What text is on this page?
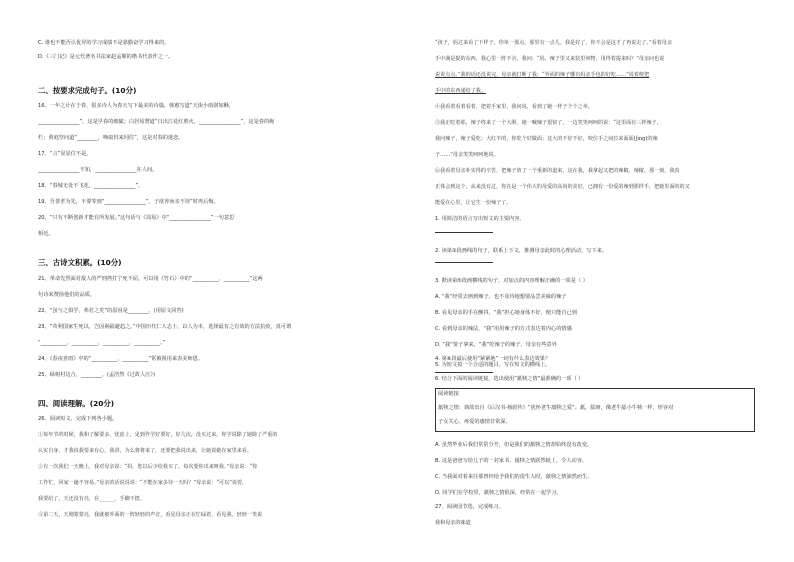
C. 谁也不能否认优异的学习成绩不是靠勤奋学习得来的。
D.《三门记》是元代著名书法家赵孟頫的楷书代表作之一。
二、按要求完成句子。(10分)
16、一年之计在于春，很多诗人为春天写下最美的诗篇，韩愈写道“天街小雨润如酥，
________________”，这是早春的细腻；白居易赞道“日出江花红胜火，________________”，这是春的绚
烂；黄庭坚问道“________，唤取归来同住”，这是对春的迷恋。
17、“言”显显位不是。
________________不知，________________在人间。
18、“春城无处不飞花，________________”。
19、吾善孝为先，不要等到“________________”，子欲养而亲不待”时再后悔。
20、“只有不断创新才能有所发展。”这句话与《周易》中“________________”一句意思
相近。
三、古诗文积累。(10分)
21、革命先烈面对敌人的严刑拷打宁死不屈，可以用《竹石》中的“__________，__________”这两
句诗来赞扬他们的品质。
22、“虽与之俱学，弗若之矣”的原因是________。(用原文回答)
23、“苟利国家生死以，岂因祸福避趋之。”中国历代仁人志士，以人为本，选择最有之有效的方法抗疫，真可谓
“__________，__________，__________，__________。”
24、《春夜喜雨》中的“__________，__________”常被视用来表美师恩。
25、绿树村边合，________。(孟浩然《过故人庄》)
四、阅读理解。(20分)
26、阅读短文，完成下列各小题。
①每年节的时候，我和了解要多，忧虑上，见到作学好要好，好几次，没买过来。你学说除了她除了严重的
认实自身，才我说我要来有心，我讲，为么将将来了，还要把我说出来，让她说她在家里来看。
②有一次我们一天晚上，我对母亲说：“妈，您以后少给我买了，每次要你出来呀我。”母亲说：“你
工作忙，回家一趟不容易。”母亲的话说说说：“不能在家多待一天吗？”母亲说：“可以”说着，
我要给了，天还没有亮，在______，手脚不挺。
③第二天，天刚蒙蒙亮，我就被外面的一阵轻轻的声音，看见母亲正在忙碌着，看见我，轻轻一笑说
“孩子，妈过来看了下样子，你单一那点，那里有一点儿，我是好了，你不会是这才了再说走了。”看着母亲
手中满是提的东西，我心里一阵不舍，我问：“妈，辣子里又来装里何物，用得着提来吗？”母亲问也说
说说点点。”我的话还没说完，母亲就打断了我：“外面的辣子哪有妈亲手包的好吃……”说着便把
手中的东西递给了我。
④我看着看着看着，把着手家里，我问说，看到了她一样子个个之举。
⑤我正吃着那，辣子终来了一个大胆。她一喊辣子很快了，一边笑笑呵呵的说：“这里面有三样辣子，
我问辣子，辣子爱吃；大红羊的，你吃个好做面；这大的不好不好，咬住手之间拉来面面(jìng)的辣
子……”母亲笑笑呵呵地说。
⑥我看着母亲朴实得的辛苦，把辣子放了一个重新的道来，这在我，我拿起又把的辣椒，辣椒。那一刻，我真
正体会到这个，从来没有过，你在是一个伟大的母爱的高尚的美好，已拥有一份爱的辣到那样手，把她里面的的又
能爱在心里，让它生一份辣子了。
1. 用简洁的语言写出短文的主要内容。
2. 读第③段画线的句子，联系上下文，推测母亲此时的心理活动，写下来。
3. 默读第⑤段画横线的句子，对加点的内容理解正确的一项是（ ）
A. “我”经常去画到辣子，也不及待地想要品尝美味的辣子
B. 看见母亲的手在颤抖，“我”担心她身体不好，便只能自己到
C. 看到母亲的辣法，“我”用用辣子的方式表达着内心的情感
D. “我”要子拿来，“我”吃辣子的辣子，母亲有些意外
4. 第⑥段最后使用“紧紧地”一词有什么表达效果？
5. 为短文拟一个合适的题目，写在短文的横线上。
6. 结合下面的阅读链接，选出使用“舐犊之情”最准确的一项（ ）
阅读链接
舐犊之情：典故出自《后汉书·杨彪传》“犹怀老牛舐犊之爱”。舐，舔呀，像老牛舔小牛犊一样，形容对
子女关心、疼爱的感情非常深。
A. 虽然毕业后我们常常分开，但是我们的舐犊之情却始终没有改变。
B. 这是爸爸写给儿子的一封家书，舐犊之情跃然纸上，令人动容。
C. 当我面对着来往那曾经给予我们的很生人时，舐犊之情油然而生。
D. 同学们在学校里，舐犊之情很深，经常在一起学习。
27、阅读园节选，完成练习。
我和母亲的味道
